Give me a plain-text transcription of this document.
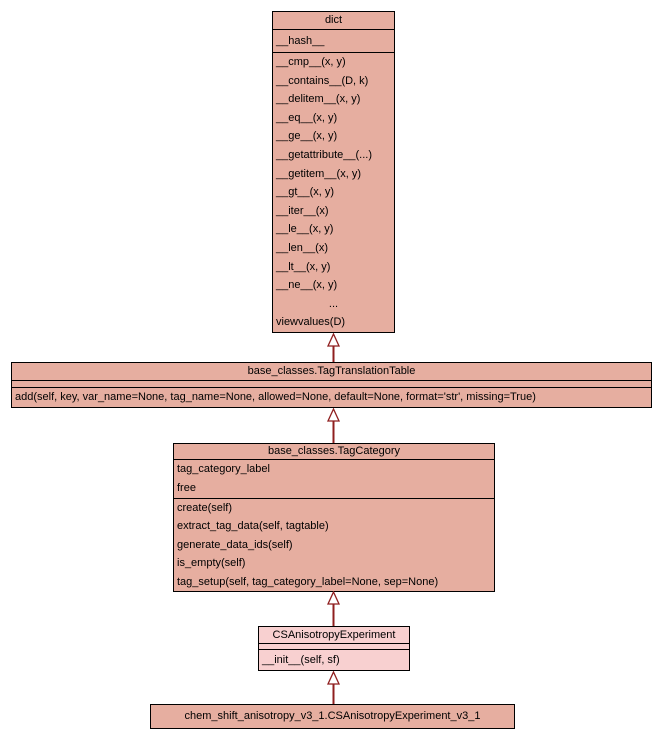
dict
__hash__
__cmp__(x, y)
__contains__(D, k)
__delitem__(x, y)
__eq__(x, y)
__ge__(x, y)
__getattribute__(...)
__getitem__(x, y)
__gt__(x, y)
__iter__(x)
__le__(x, y)
__len__(x)
__lt__(x, y)
__ne__(x, y)
...
viewvalues(D)
base_classes.TagTranslationTable
add(self, key, var_name=None, tag_name=None, allowed=None, default=None, format='str', missing=True)
base_classes.TagCategory
tag_category_label
free
create(self)
extract_tag_data(self, tagtable)
generate_data_ids(self)
is_empty(self)
tag_setup(self, tag_category_label=None, sep=None)
CSAnisotropyExperiment
__init__(self, sf)
chem_shift_anisotropy_v3_1.CSAnisotropyExperiment_v3_1
